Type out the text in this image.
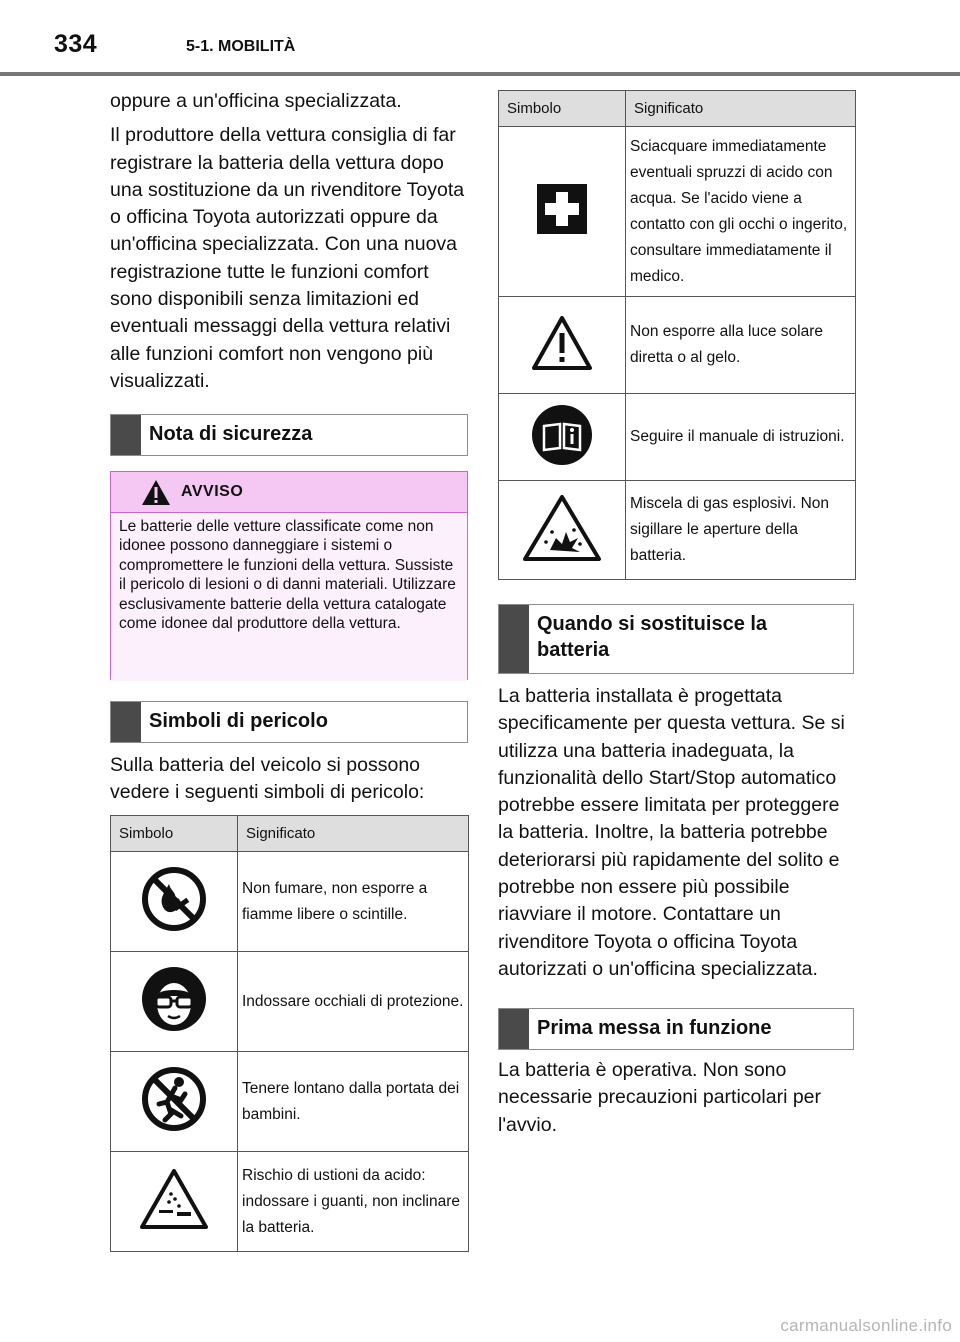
334	5-1. MOBILITÀ

oppure a un'officina specializzata.

Il produttore della vettura consiglia di far registrare la batteria della vettura dopo una sostituzione da un rivenditore Toyota o officina Toyota autorizzati oppure da un'officina specializzata. Con una nuova registrazione tutte le funzioni comfort sono disponibili senza limitazioni ed eventuali messaggi della vettura relativi alle funzioni comfort non vengono più visualizzati.

Nota di sicurezza
AVVISO
Le batterie delle vetture classificate come non idonee possono danneggiare i sistemi o compromettere le funzioni della vettura. Sussiste il pericolo di lesioni o di danni materiali. Utilizzare esclusivamente batterie della vettura catalogate come idonee dal produttore della vettura.
Simboli di pericolo
Sulla batteria del veicolo si possono vedere i seguenti simboli di pericolo:
Simbolo	Significato
	Non fumare, non esporre a fiamme libere o scintille.
	Indossare occhiali di protezione.
	Tenere lontano dalla portata dei bambini.
	Rischio di ustioni da acido: indossare i guanti, non inclinare la batteria.
Simbolo	Significato
	Sciacquare immediatamente eventuali spruzzi di acido con acqua. Se l'acido viene a contatto con gli occhi o ingerito, consultare immediatamente il medico.
	Non esporre alla luce solare diretta o al gelo.
	Seguire il manuale di istruzioni.
	Miscela di gas esplosivi. Non sigillare le aperture della batteria.
Quando si sostituisce la batteria
La batteria installata è progettata specificamente per questa vettura. Se si utilizza una batteria inadeguata, la funzionalità dello Start/Stop automatico potrebbe essere limitata per proteggere la batteria. Inoltre, la batteria potrebbe deteriorarsi più rapidamente del solito e potrebbe non essere più possibile riavviare il motore. Contattare un rivenditore Toyota o officina Toyota autorizzati o un'officina specializzata.
Prima messa in funzione
La batteria è operativa. Non sono necessarie precauzioni particolari per l'avvio.
carmanualsonline.info
